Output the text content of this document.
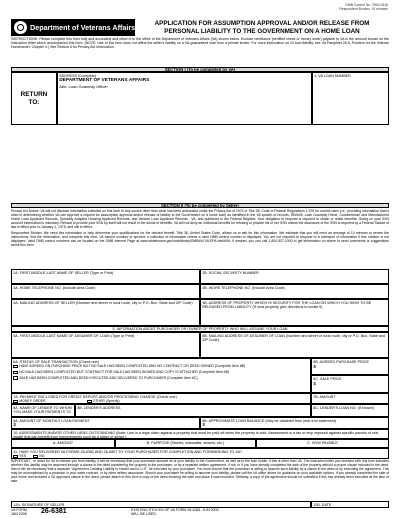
OMB Control No. 2900-0116
Respondent Burden: 10 minutes
Department of Veterans Affairs	APPLICATION FOR ASSUMPTION APPROVAL AND/OR RELEASE FROM
PERSONAL LIABILITY TO THE GOVERNMENT ON A HOME LOAN
INSTRUCTIONS: Please complete this form fully and accurately and return it to the office of the Department of Veterans Affairs (VA) shown below. Enclose remittance (certified check or money order) payable to VA in the amount shown on the instruction letter which accompanied this form. (NOTE: Use of this form does not affect the seller's liability on a VA-guaranteed loan from a private lender. For more information on GI loan liability, see VA Pamphlet 26-5, Pointers for the Veteran Homeowner, Chapter 4.) See Section II for Privacy Act Information.
SECTION I (To be completed by VA)
RETURN TO:
ADDRESS (Complete)
DEPARTMENT OF VETERANS AFFAIRS
Attn: Loan Guaranty Officer
1. VA LOAN NUMBER
SECTION II (To be completed by Seller)
Privacy Act Notice: VA will not disclose information collected on this form to any source other than what has been authorized under the Privacy Act of 1974 or Title 38, Code of Federal Regulations 1.576 for routine uses (i.e., providing information that is used in determining whether VA can approve a request for assumption approval and/or release of liability to the Government on a home loan) as identified in the VA system of records, 55VA26, Loan Guaranty Home, Condominium and Manufactured Home Loan Applicant Records, Specially Adapted Housing Applicant Records, and Vendee Loan Applicant Records - VA, and published in the Federal Register. Your obligation to respond is required to obtain or retain benefits. Giving us your SSN account information is voluntary. Refusal to provide your SSN by itself will not result in the denial of benefits. VA will not deny an individual benefits for refusing to provide his or her SSN unless the disclosure of the SSN is required by a Federal Statute of law in effect prior to January 1, 1975, and still in effect.
Respondent Burden: We need this information to help determine your qualifications for the desired benefit. Title 38, United States Code, allows us to ask for this information. We estimate that you will need an average of 10 minutes to review the instructions, find the information, and complete this form. VA cannot conduct or sponsor a collection of information unless a valid OMB control number is displayed. You are not required to respond to a collection of information if this number is not displayed. Valid OMB control numbers can be located on the OMB Internet Page at www.whitehouse.gov/omb/library/OMBINV.VA.EPA.html#VA. If desired, you can call 1-800-827-1000 to get information on where to send comments or suggestions about this form.
2A. FIRST-MIDDLE-LAST NAME OF SELLER (Type or Print)	2B. SOCIAL SECURITY NUMBER
3A. HOME TELEPHONE NO. (Include Area Code)	3B. WORK TELEPHONE NO. (Include Area Code)
4A. MAILING ADDRESS OF SELLER (Number and street or rural route, city or P.O. Box, State and ZIP Code)	4B. ADDRESS OF PROPERTY WHICH IS SECURITY FOR THE LOAN ON WHICH YOU WISH TO BE RELEASED FROM LIABILITY (If rural property give directions to locate it)
5. INFORMATION ABOUT PURCHASER OR OWNER OF PROPERTY WHO WILL ASSUME YOUR LOAN
5A. FIRST-MIDDLE-LAST NAME OF ASSUMER OF LOAN (Type or Print)	5B. MAILING ADDRESS OF ASSUMER OF LOAN (Number and street or rural route, city or P.O. Box, State and ZIP Code)
6A. STATUS OF SALE TRANSACTION (Check one)
HAVE AGREED ON PURCHASE PRICE BUT NO SALE HAS BEEN COMPLETED AND NO CONTRACT OR DEED SIGNED (Complete Item 6B)
NO SALE HAS BEEN COMPLETED BUT CONTRACT FOR SALE HAS BEEN SIGNED AND COPY IS ATTACHED (Complete Item 6B)
SALE HAS BEEN COMPLETED AND DEED EXECUTED AND DELIVERED TO PURCHASER (Complete Item 6C)
6B. AGREED PURCHASE PRICE
$
6C. SALE PRICE
$
7A. PAYMENT ENCLOSED FOR CREDIT REPORT AND/OR PROCESSING CHARGE (Check one)
MONEY ORDER	OTHER (Specify)
7B. AMOUNT
8A. NAME OF LENDER TO WHOM YOU MAKE YOUR PAYMENTS TO
8B. LENDER'S ADDRESS	8C. LENDER'S LOAN NO. (If known)
9A. AMOUNT OF MONTHLY LOAN PAYMENT
$
9B. APPROXIMATE LOAN BALANCE (May be obtained from year-end statement)
$
10. ASSESSMENTS AND/OR OTHER LIENS OUTSTANDING (Note: Lien is a legal claim against a property that must be paid off when the property is sold. Assessment is a tax or levy imposed against specific parcels of real estate that can benefit from improvements such as a street or sewer.)
A. AMOUNT	B. PURPOSE (Streets, sidewalks, sewers, etc.)	C. HOW PAYABLE
11. HAVE YOU DELIVERED VA FORMS 26-6382 AND 26-6807 TO YOUR PURCHASER FOR COMPLETION AND FORWARDING TO VA?
YES	NO
IMPORTANT - In order for VA to release you from liability, it will be necessary that your purchaser assume all of your liability to the Government, as well as to the loan holder, if this is other than VA. The instruction letter you received with this form indicates whether this liability may be assumed through a clause in the deed transferring the property to the purchaser, or by a separate written agreement. If not, or if you have already completed the sale of the property without a proper clause included in the deed, then it will be necessary that a separate "Agreement Creating Liability to Holder and to U.S." be executed by your purchaser. You must ensure that the purchaser is willing to assume such liability by a clause in the deed or by executing the agreement. This may be accomplished by a provision in your sales contract, or by other written assurance. Should your purchaser be willing to assume your liability, please call the VA office above for guidance on your available options. If you already completed the sale of your home and included a VA approved clause in the deed, please attach to this form a copy of the deed showing the date and place it was recorded. Similarly, a copy of the agreement should be submitted if this has already been executed at the time of sale.
12A. SIGNATURE OF SELLER	12B. DATE
VA FORM
JAN 2006	26-6381	EXISTING STOCKS OF VA FORM 26-6381, JUN 2003,
WILL BE USED.
